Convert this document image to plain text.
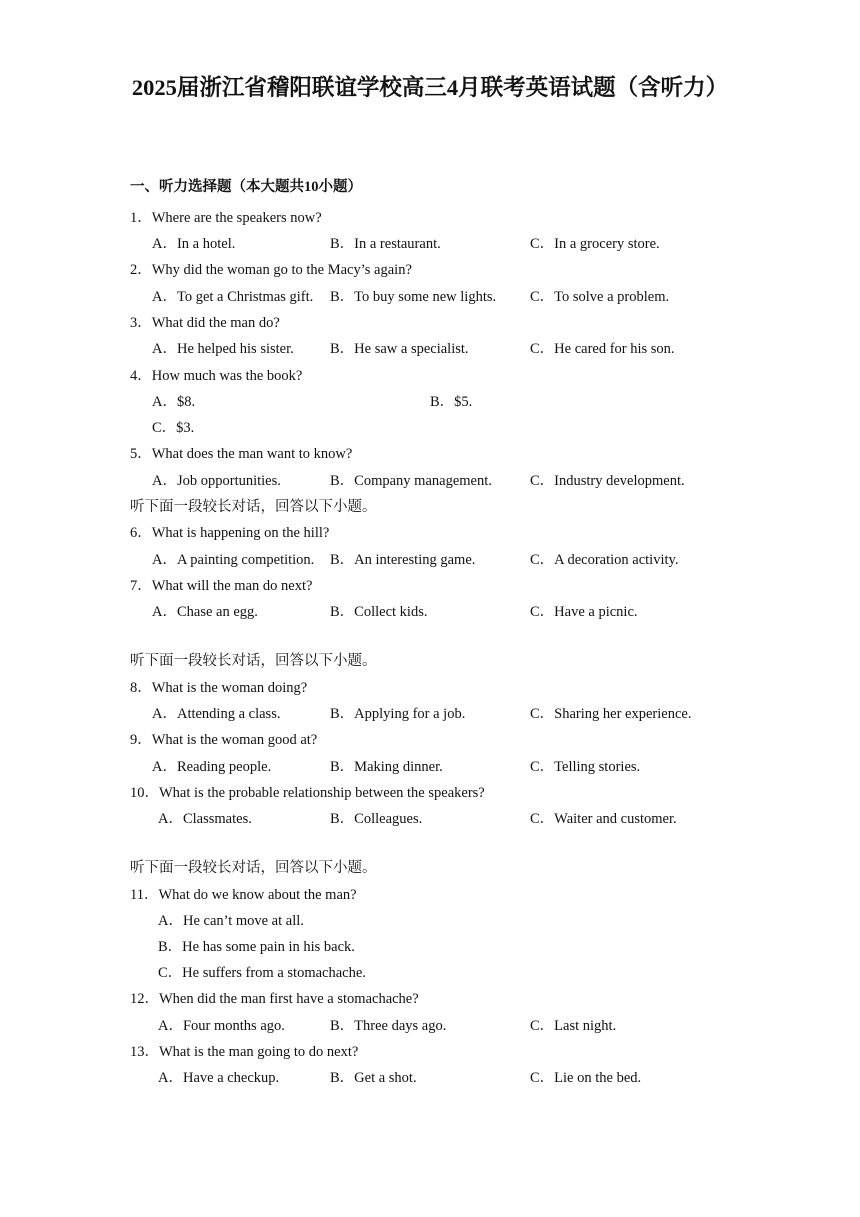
2025届浙江省稽阳联谊学校高三4月联考英语试题（含听力）
一、听力选择题（本大题共10小题）
1．Where are the speakers now?
A．In a hotel.	B．In a restaurant.	C．In a grocery store.
2．Why did the woman go to the Macy’s again?
A．To get a Christmas gift. B．To buy some new lights. C．To solve a problem.
3．What did the man do?
A．He helped his sister. B．He saw a specialist.	C．He cared for his son.
4．How much was the book?
A．$8.	B．$5.
C．$3.
5．What does the man want to know?
A．Job opportunities.	B．Company management.	C．Industry development.
听下面一段较长对话，回答以下小题。
6．What is happening on the hill?
A．A painting competition. B．An interesting game.	C．A decoration activity.
7．What will the man do next?
A．Chase an egg.	B．Collect kids.	C．Have a picnic.
听下面一段较长对话，回答以下小题。
8．What is the woman doing?
A．Attending a class.	B．Applying for a job.	C．Sharing her experience.
9．What is the woman good at?
A．Reading people.	B．Making dinner.	C．Telling stories.
10．What is the probable relationship between the speakers?
A．Classmates.	B．Colleagues.	C．Waiter and customer.
听下面一段较长对话，回答以下小题。
11．What do we know about the man?
A．He can’t move at all.
B．He has some pain in his back.
C．He suffers from a stomachache.
12．When did the man first have a stomachache?
A．Four months ago.	B．Three days ago.	C．Last night.
13．What is the man going to do next?
A．Have a checkup.	B．Get a shot.	C．Lie on the bed.
